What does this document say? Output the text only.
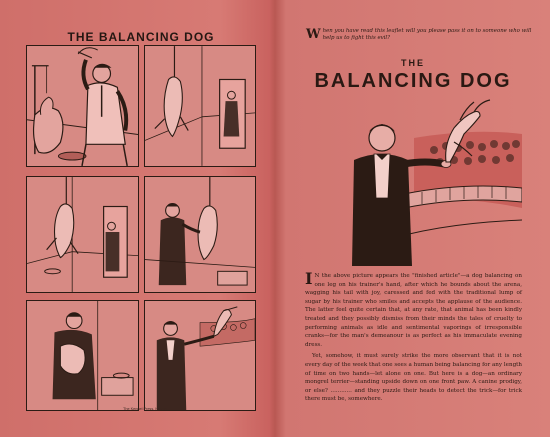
THE BALANCING DOG
The Kennel Press, Hitchin
W hen you have read this leaflet will you please pass it on to someone who will help us to fight this evil?
THE
BALANCING DOG

I N the above picture appears the "finished article"—a dog balancing on one leg on his trainer's hand, after which he bounds about the arena, wagging his tail with joy, caressed and fed with the traditional lump of sugar by his trainer who smiles and accepts the applause of the audience. The latter feel quite certain that, at any rate, that animal has been kindly treated and they possibly dismiss from their minds the tales of cruelty to performing animals as idle and sentimental vaporings of irresponsible cranks—for the man's demeanour is as perfect as his immaculate evening dress.

Yet, somehow, it must surely strike the more observant that it is not every day of the week that one sees a human being balancing for any length of time on two hands—let alone on one. But here is a dog—an ordinary mongrel terrier—standing upside down on one front paw. A canine prodigy, or else? ............ and they puzzle their heads to detect the trick—for trick there must be, somewhere.
